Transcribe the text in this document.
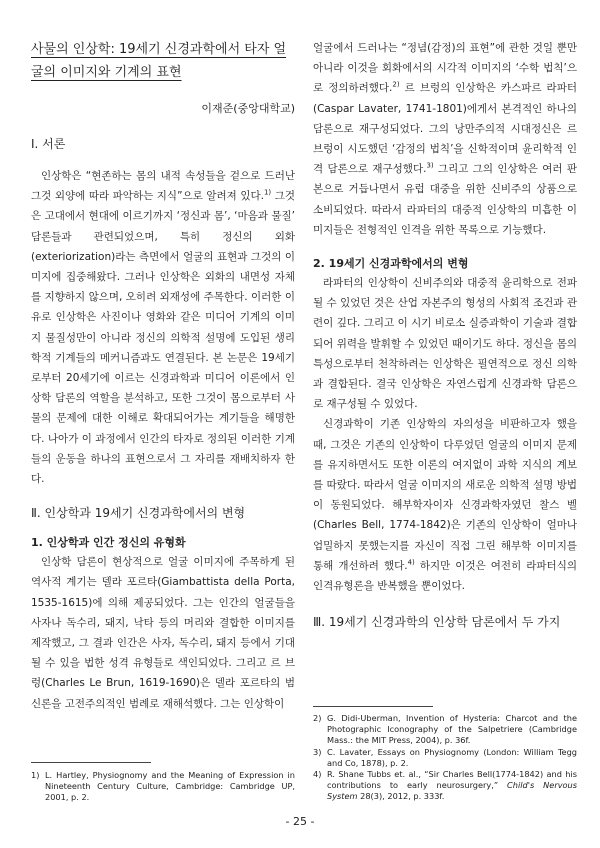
사물의 인상학: 19세기 신경과학에서 타자 얼굴의 이미지와 기계의 표현

이재준(중앙대학교)

Ⅰ. 서론

인상학은 “현존하는 몸의 내적 속성들을 겉으로 드러난 그것 외양에 따라 파악하는 지식”으로 알려져 있다.$^{1)}$ 그것은 고대에서 현대에 이르기까지 ‘정신과 몸’, ‘마음과 물질’ 담론들과 관련되었으며, 특히 정신의 외화(exteriorization)라는 측면에서 얼굴의 표현과 그것의 이미지에 집중해왔다. 그러나 인상학은 외화의 내면성 자체를 지향하지 않으며, 오히려 외재성에 주목한다. 이러한 이유로 인상학은 사진이나 영화와 같은 미디어 기계의 이미지 물질성만이 아니라 정신의 의학적 설명에 도입된 생리학적 기계들의 메커니즘과도 연결된다. 본 논문은 19세기로부터 20세기에 이르는 신경과학과 미디어 이론에서 인상학 담론의 역할을 분석하고, 또한 그것이 몸으로부터 사물의 문제에 대한 이해로 확대되어가는 계기들을 해명한다. 나아가 이 과정에서 인간의 타자로 정의된 이러한 기계들의 운동을 하나의 표현으로서 그 자리를 재배치하자 한다.

Ⅱ. 인상학과 19세기 신경과학에서의 변형
1. 인상학과 인간 정신의 유형화

인상학 담론이 현상적으로 얼굴 이미지에 주목하게 된 역사적 계기는 델라 포르타(Giambattista della Porta, 1535-1615)에 의해 제공되었다. 그는 인간의 얼굴들을 사자나 독수리, 돼지, 낙타 등의 머리와 결합한 이미지를 제작했고, 그 결과 인간은 사자, 독수리, 돼지 등에서 기대될 수 있을 법한 성격 유형들로 색인되었다. 그리고 르 브렁(Charles Le Brun, 1619-1690)은 델라 포르타의 범신론을 고전주의적인 범례로 재해석했다. 그는 인상학이

1) L. Hartley, Physiognomy and the Meaning of Expression in Nineteenth Century Culture, Cambridge: Cambridge UP, 2001, p. 2.

얼굴에서 드러나는 “정념(감정)의 표현”에 관한 것일 뿐만 아니라 이것을 회화에서의 시각적 이미지의 ‘수학 법칙’으로 정의하려했다.$^{2)}$ 르 브렁의 인상학은 카스파르 라파터(Caspar Lavater, 1741-1801)에게서 본격적인 하나의 담론으로 재구성되었다. 그의 낭만주의적 시대정신은 르 브렁이 시도했던 ‘감정의 법칙’을 신학적이며 윤리학적 인격 담론으로 재구성했다.$^{3)}$ 그리고 그의 인상학은 여러 판본으로 거듭나면서 유럽 대중을 위한 신비주의 상품으로 소비되었다. 따라서 라파터의 대중적 인상학의 미흡한 이미지들은 전형적인 인격을 위한 목록으로 기능했다.

2. 19세기 신경과학에서의 변형

라파터의 인상학이 신비주의와 대중적 윤리학으로 전파될 수 있었던 것은 산업 자본주의 형성의 사회적 조건과 관련이 깊다. 그리고 이 시기 비로소 실증과학이 기술과 결합되어 위력을 발휘할 수 있었던 때이기도 하다. 정신을 몸의 특성으로부터 천착하려는 인상학은 필연적으로 정신 의학과 결합된다. 결국 인상학은 자연스럽게 신경과학 담론으로 재구성될 수 있었다.

신경과학이 기존 인상학의 자의성을 비판하고자 했을 때, 그것은 기존의 인상학이 다루었던 얼굴의 이미지 문제를 유지하면서도 또한 이론의 여지없이 과학 지식의 계보를 따랐다. 따라서 얼굴 이미지의 새로운 의학적 설명 방법이 동원되었다. 해부학자이자 신경과학자였던 찰스 벨(Charles Bell, 1774-1842)은 기존의 인상학이 얼마나 엄밀하지 못했는지를 자신이 직접 그린 해부학 이미지를 통해 개선하려 했다.$^{4)}$ 하지만 이것은 여전히 라파터식의 인격유형론을 반복했을 뿐이었다.

Ⅲ. 19세기 신경과학의 인상학 담론에서 두 가지

2) G. Didi-Uberman, Invention of Hysteria: Charcot and the Photographic Iconography of the Salpetriere (Cambridge Mass.: the MIT Press, 2004), p. 36f.

3) C. Lavater, Essays on Physiognomy (London: William Tegg and Co, 1878), p. 2.

4) R. Shane Tubbs et. al., “Sir Charles Bell(1774-1842) and his contributions to early neurosurgery,” Child's Nervous System 28(3), 2012, p. 333f.

- 25 -
